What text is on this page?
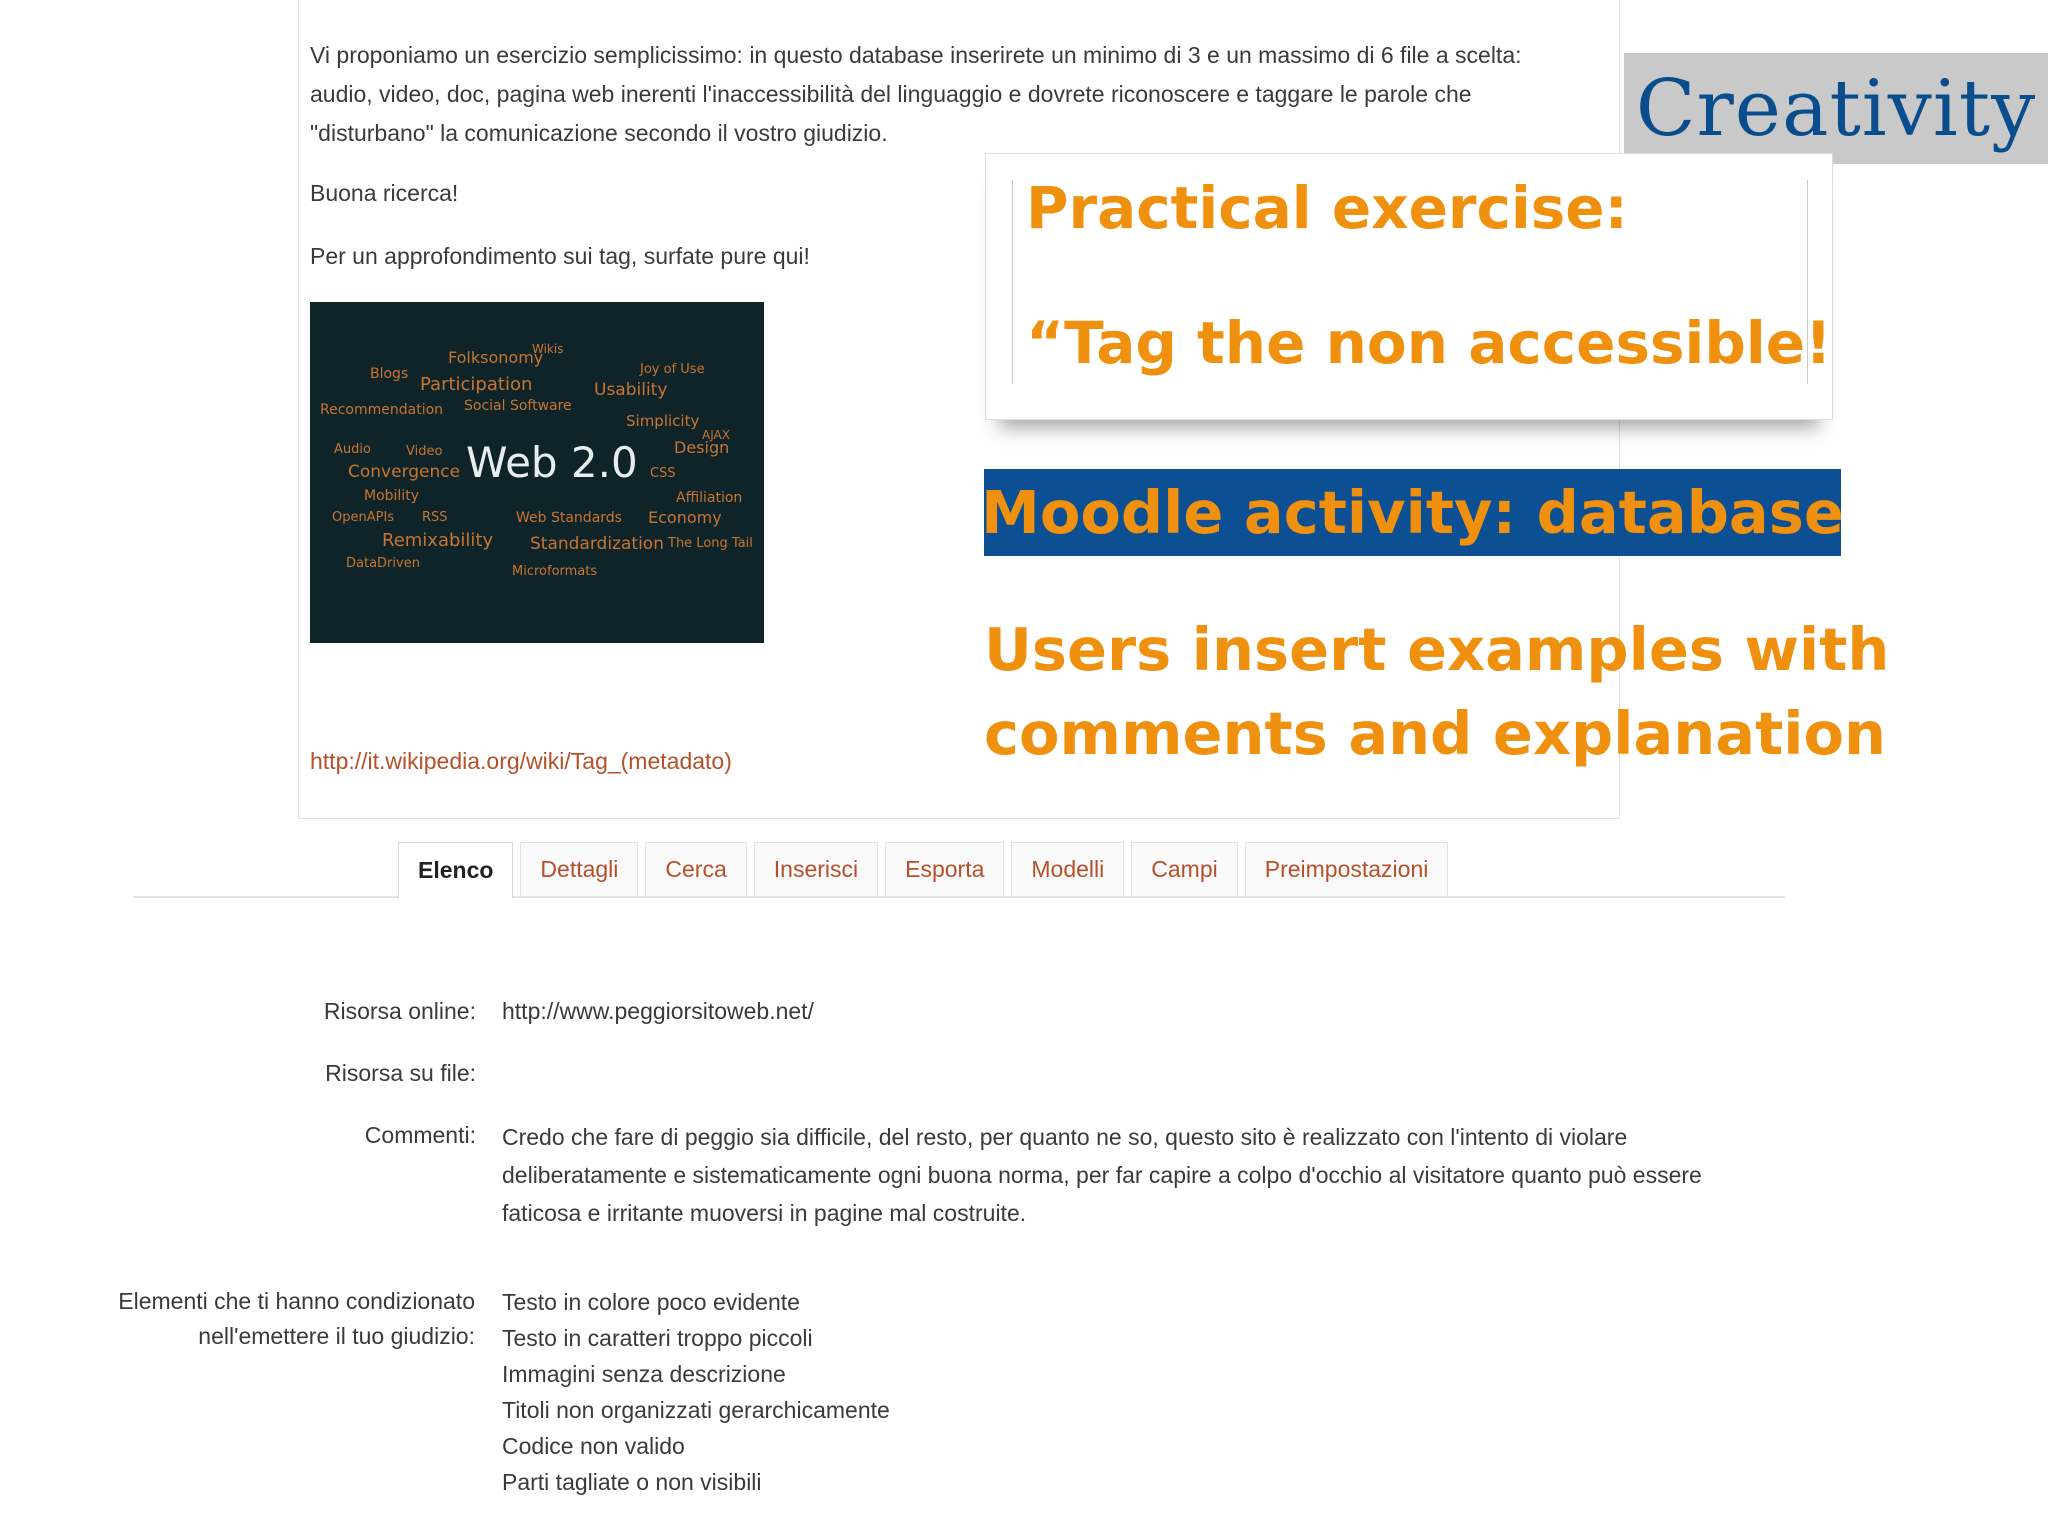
Vi proponiamo un esercizio semplicissimo: in questo database inserirete un minimo di 3 e un massimo di 6 file a scelta: audio, video, doc, pagina web inerenti l'inaccessibilità del linguaggio e dovrete riconoscere e taggare le parole che "disturbano" la comunicazione secondo il vostro giudizio.

Buona ricerca!
Per un approfondimento sui tag, surfate pure qui!
Folksonomy
Wikis
Blogs Participation	Usability
Joy of Use
Recommendation Social Software
Simplicity
AJAX
Audio	Video	Design
Convergence Web 2.0 CSS
Mobility	Affiliation
OpenAPIs RSS	Web Standards Economy
Remixability Standardization The Long Tail
DataDriven
Microformats
http://it.wikipedia.org/wiki/Tag_(metadato)
Elenco	Dettagli	Cerca	Inserisci	Esporta	Modelli	Campi	Preimpostazioni
Risorsa online: http://www.peggiorsitoweb.net/
Risorsa su file:
Commenti: Credo che fare di peggio sia difficile, del resto, per quanto ne so, questo sito è realizzato con l'intento di violare deliberatamente e sistematicamente ogni buona norma, per far capire a colpo d'occhio al visitatore quanto può essere faticosa e irritante muoversi in pagine mal costruite.
Elementi che ti hanno condizionato nell'emettere il tuo giudizio:
Testo in colore poco evidente
Testo in caratteri troppo piccoli
Immagini senza descrizione
Titoli non organizzati gerarchicamente
Codice non valido
Parti tagliate o non visibili
Creativity
Practical exercise:
“Tag the non accessible!
Moodle activity: database
Users insert examples with
comments and explanation
